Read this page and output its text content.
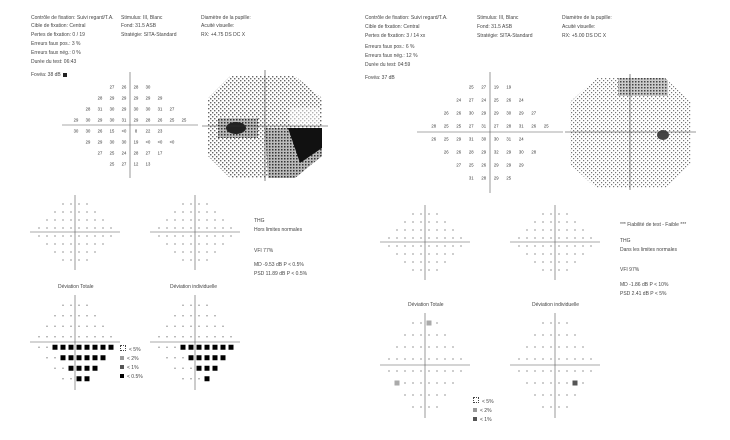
Contrôle de fixation: Suivi regard/T.A.
Cible de fixation: Central
Pertes de fixation: 0 / 19
Erreurs faux pos.: 3 %
Erreurs faux nég.: 0 %
Durée du test: 06:43
Fovéa: 38 dB
Stimulus: III, Blanc
Fond: 31.5 ASB
Stratégie: SITA-Standard
Diamètre de la pupille:
Acuité visuelle:
RX: +4.75 DS DC X
27 26 28 30
28 29 29 29 29 29
28 31 30 29 30 30 31 27
29 30 29 30 31 29 28 26 25 25
30 30 26 15 <0 8 22 23
29 29 30 30 19 <0 <0 <0
27 25 24 28 27 17
25 27 12 13
THG
Hors limites normales
VFI 77%
MD -9.53 dB P < 0.5%
PSD 11.89 dB P < 0.5%
Déviation Totale	Déviation individuelle
< 5%
< 2%
< 1%
< 0.5%
Contrôle de fixation: Suivi regard/T.A.
Cible de fixation: Central
Pertes de fixation: 3 / 14 xx
Erreurs faux pos.: 6 %
Erreurs faux nég.: 12 %
Durée du test: 04:59
Fovéa: 37 dB
Stimulus: III, Blanc
Fond: 31.5 ASB
Stratégie: SITA-Standard
Diamètre de la pupille:
Acuité visuelle:
RX: +5.00 DS DC X
25 27 19 19
24 27 24 25 26 24
26 26 30 29 29 30 29 27
28 25 25 27 31 27 28 31 26 25
26 25 29 31 30 30 31 24
26 26 28 29 32 29 30 28
27 25 26 29 29 29
31 28 29 25
*** Fiabilité de test - Faible ***
THG
Dans les limites normales
VFI 97%
MD -1.86 dB P < 10%
PSD 2.41 dB P < 5%
Déviation Totale	Déviation individuelle
< 5%
< 2%
< 1%
